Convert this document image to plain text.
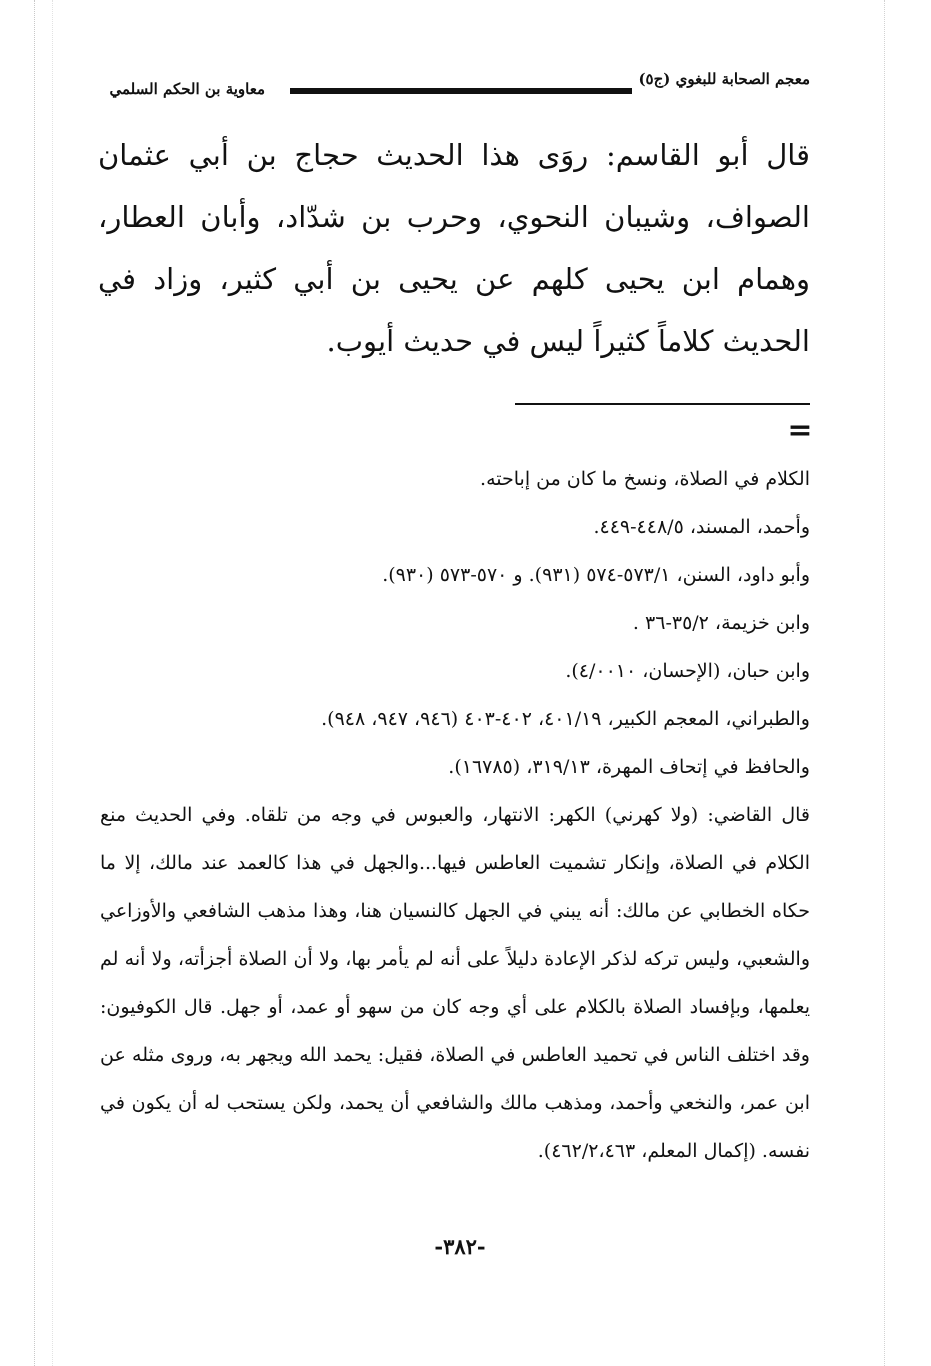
معجم الصحابة للبغوي (ج٥)
معاوية بن الحكم السلمي

قال أبو القاسم: روَى هذا الحديث حجاج بن أبي عثمان الصواف، وشيبان النحوي، وحرب بن شدّاد، وأبان العطار، وهمام ابن يحيى كلهم عن يحيى بن أبي كثير، وزاد في الحديث كلاماً كثيراً ليس في حديث أيوب.

=
الكلام في الصلاة، ونسخ ما كان من إباحته.
وأحمد، المسند، ٤٤٨/٥-٤٤٩.
وأبو داود، السنن، ٥٧٣/١-٥٧٤ (٩٣١). و ٥٧٠-٥٧٣ (٩٣٠).
وابن خزيمة، ٣٥/٢-٣٦ .
وابن حبان، (الإحسان، ٤/٠٠١٠).
والطبراني، المعجم الكبير، ٤٠١/١٩، ٤٠٢-٤٠٣ (٩٤٦، ٩٤٧، ٩٤٨).
والحافظ في إتحاف المهرة، ٣١٩/١٣، (١٦٧٨٥).

قال القاضي: (ولا كهرني) الكهر: الانتهار، والعبوس في وجه من تلقاه. وفي الحديث منع الكلام في الصلاة، وإنكار تشميت العاطس فيها...والجهل في هذا كالعمد عند مالك، إلا ما حكاه الخطابي عن مالك: أنه يبني في الجهل كالنسيان هنا، وهذا مذهب الشافعي والأوزاعي والشعبي، وليس تركه لذكر الإعادة دليلاً على أنه لم يأمر بها، ولا أن الصلاة أجزأته، ولا أنه لم يعلمها، وبإفساد الصلاة بالكلام على أي وجه كان من سهو أو عمد، أو جهل. قال الكوفيون: وقد اختلف الناس في تحميد العاطس في الصلاة، فقيل: يحمد الله ويجهر به، وروى مثله عن ابن عمر، والنخعي وأحمد، ومذهب مالك والشافعي أن يحمد، ولكن يستحب له أن يكون في نفسه. (إكمال المعلم، ٤٦٢/٢،٤٦٣).

-٣٨٢-
